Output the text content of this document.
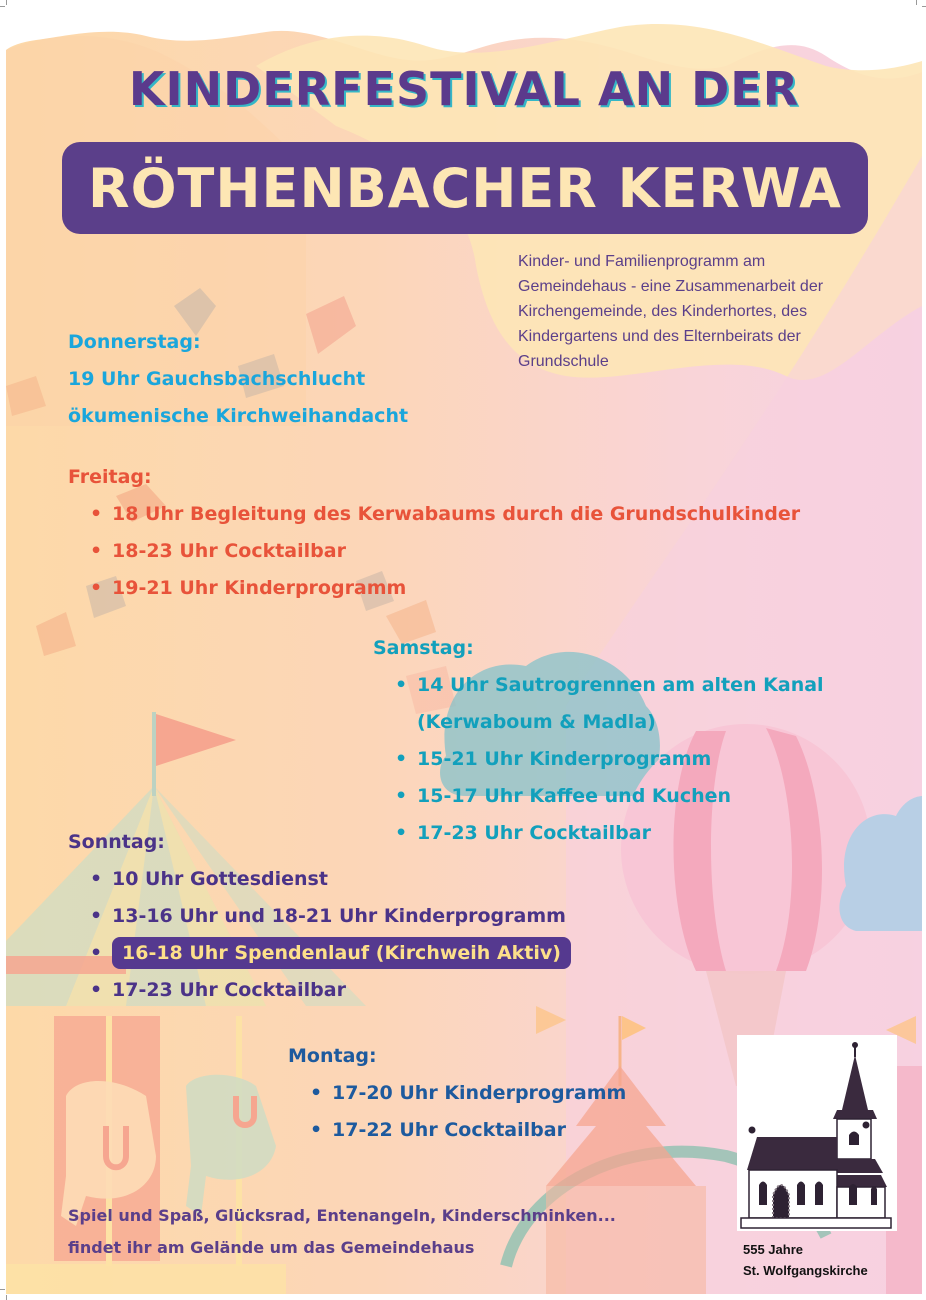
KINDERFESTIVAL AN DER
RÖTHENBACHER KERWA
Kinder- und Familienprogramm am
Gemeindehaus - eine Zusammenarbeit der
Kirchengemeinde, des Kinderhortes, des
Kindergartens und des Elternbeirats der
Grundschule
Donnerstag:
19 Uhr Gauchsbachschlucht
ökumenische Kirchweihandacht
Freitag:
• 18 Uhr Begleitung des Kerwabaums durch die Grundschulkinder
• 18-23 Uhr Cocktailbar
• 19-21 Uhr Kinderprogramm
Samstag:
• 14 Uhr Sautrogrennen am alten Kanal
(Kerwaboum & Madla)
• 15-21 Uhr Kinderprogramm
• 15-17 Uhr Kaffee und Kuchen
• 17-23 Uhr Cocktailbar
Sonntag:
• 10 Uhr Gottesdienst
• 13-16 Uhr und 18-21 Uhr Kinderprogramm
• 16-18 Uhr Spendenlauf (Kirchweih Aktiv)
• 17-23 Uhr Cocktailbar
Montag:
• 17-20 Uhr Kinderprogramm
• 17-22 Uhr Cocktailbar
Spiel und Spaß, Glücksrad, Entenangeln, Kinderschminken...
findet ihr am Gelände um das Gemeindehaus	555 Jahre
St. Wolfgangskirche
